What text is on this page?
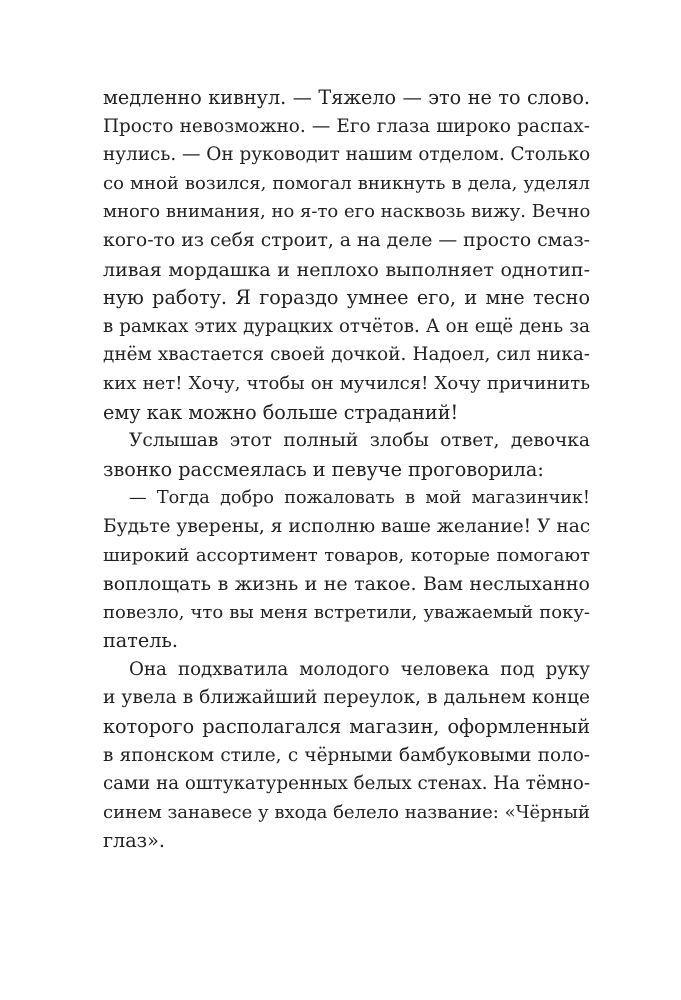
медленно кивнул. — Тяжело — это не то слово.
Просто невозможно. — Его глаза широко распах-
нулись. — Он руководит нашим отделом. Столько
со мной возился, помогал вникнуть в дела, уделял
много внимания, но я-то его насквозь вижу. Вечно
кого-то из себя строит, а на деле — просто смаз-
ливая мордашка и неплохо выполняет однотип-
ную работу. Я гораздо умнее его, и мне тесно
в рамках этих дурацких отчётов. А он ещё день за
днём хвастается своей дочкой. Надоел, сил ника-
ких нет! Хочу, чтобы он мучился! Хочу причинить
ему как можно больше страданий!

Услышав этот полный злобы ответ, девочка
звонко рассмеялась и певуче проговорила:

— Тогда добро пожаловать в мой магазинчик!
Будьте уверены, я исполню ваше желание! У нас
широкий ассортимент товаров, которые помогают
воплощать в жизнь и не такое. Вам неслыханно
повезло, что вы меня встретили, уважаемый поку-
патель.

Она подхватила молодого человека под руку
и увела в ближайший переулок, в дальнем конце
которого располагался магазин, оформленный
в японском стиле, с чёрными бамбуковыми поло-
сами на оштукатуренных белых стенах. На тёмно-
синем занавесе у входа белело название: «Чёрный
глаз».
